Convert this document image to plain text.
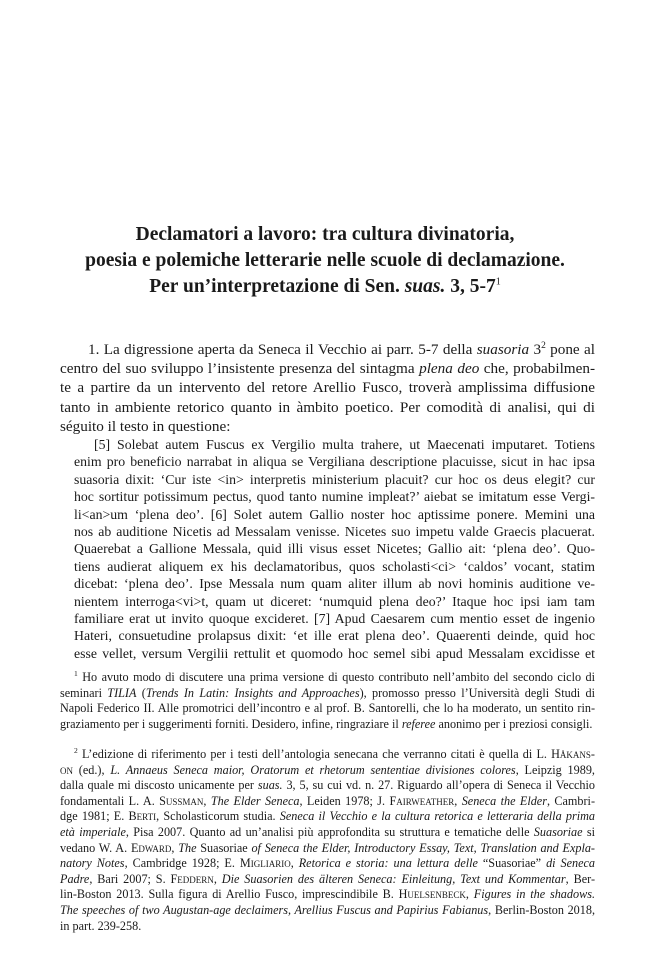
Declamatori a lavoro: tra cultura divinatoria,
poesia e polemiche letterarie nelle scuole di declamazione.
Per un’interpretazione di Sen. suas. 3, $5-7^1$
1. La digressione aperta da Seneca il Vecchio ai parr. 5-7 della suasoria $3^2$ pone al
centro del suo sviluppo l’insistente presenza del sintagma plena deo che, probabilmen-
te a partire da un intervento del retore Arellio Fusco, troverà amplissima diffusione
tanto in ambiente retorico quanto in àmbito poetico. Per comodità di analisi, qui di
séguito il testo in questione:
[5] Solebat autem Fuscus ex Vergilio multa trahere, ut Maecenati imputaret. Totiens
enim pro beneficio narrabat in aliqua se Vergiliana descriptione placuisse, sicut in hac ipsa
suasoria dixit: ‘Cur iste <in> interpretis ministerium placuit? cur hoc os deus elegit? cur
hoc sortitur potissimum pectus, quod tanto numine impleat?’ aiebat se imitatum esse Vergi-
li<an>um ‘plena deo’. [6] Solet autem Gallio noster hoc aptissime ponere. Memini una
nos ab auditione Nicetis ad Messalam venisse. Nicetes suo impetu valde Graecis placuerat.
Quaerebat a Gallione Messala, quid illi visus esset Nicetes; Gallio ait: ‘plena deo’. Quo-
tiens audierat aliquem ex his declamatoribus, quos scholasti<ci> ‘caldos’ vocant, statim
dicebat: ‘plena deo’. Ipse Messala num quam aliter illum ab novi hominis auditione ve-
nientem interroga<vi>t, quam ut diceret: ‘numquid plena deo?’ Itaque hoc ipsi iam tam
familiare erat ut invito quoque excideret. [7] Apud Caesarem cum mentio esset de ingenio
Hateri, consuetudine prolapsus dixit: ‘et ille erat plena deo’. Quaerenti deinde, quid hoc
esse vellet, versum Vergilii rettulit et quomodo hoc semel sibi apud Messalam excidisse et
$^1$ Ho avuto modo di discutere una prima versione di questo contributo nell’ambito del secondo ciclo di
seminari TILIA (Trends In Latin: Insights and Approaches), promosso presso l’Università degli Studi di
Napoli Federico II. Alle promotrici dell’incontro e al prof. B. Santorelli, che lo ha moderato, un sentito rin-
graziamento per i suggerimenti forniti. Desidero, infine, ringraziare il referee anonimo per i preziosi consigli.
$^2$ L’edizione di riferimento per i testi dell’antologia senecana che verranno citati è quella di L. Håkans-
on (ed.), L. Annaeus Seneca maior, Oratorum et rhetorum sententiae divisiones colores, Leipzig 1989,
dalla quale mi discosto unicamente per suas. 3, 5, su cui vd. n. 27. Riguardo all’opera di Seneca il Vecchio
fondamentali L. A. Sussman, The Elder Seneca, Leiden 1978; J. Fairweather, Seneca the Elder, Cambri-
dge 1981; E. Berti, Scholasticorum studia. Seneca il Vecchio e la cultura retorica e letteraria della prima
età imperiale, Pisa 2007. Quanto ad un’analisi più approfondita su struttura e tematiche delle Suasoriae si
vedano W. A. Edward, The Suasoriae of Seneca the Elder, Introductory Essay, Text, Translation and Expla-
natory Notes, Cambridge 1928; E. Migliario, Retorica e storia: una lettura delle “Suasoriae” di Seneca
Padre, Bari 2007; S. Feddern, Die Suasorien des älteren Seneca: Einleitung, Text und Kommentar, Ber-
lin-Boston 2013. Sulla figura di Arellio Fusco, imprescindibile B. Huelsenbeck, Figures in the shadows.
The speeches of two Augustan-age declaimers, Arellius Fuscus and Papirius Fabianus, Berlin-Boston 2018,
in part. 239-258.
